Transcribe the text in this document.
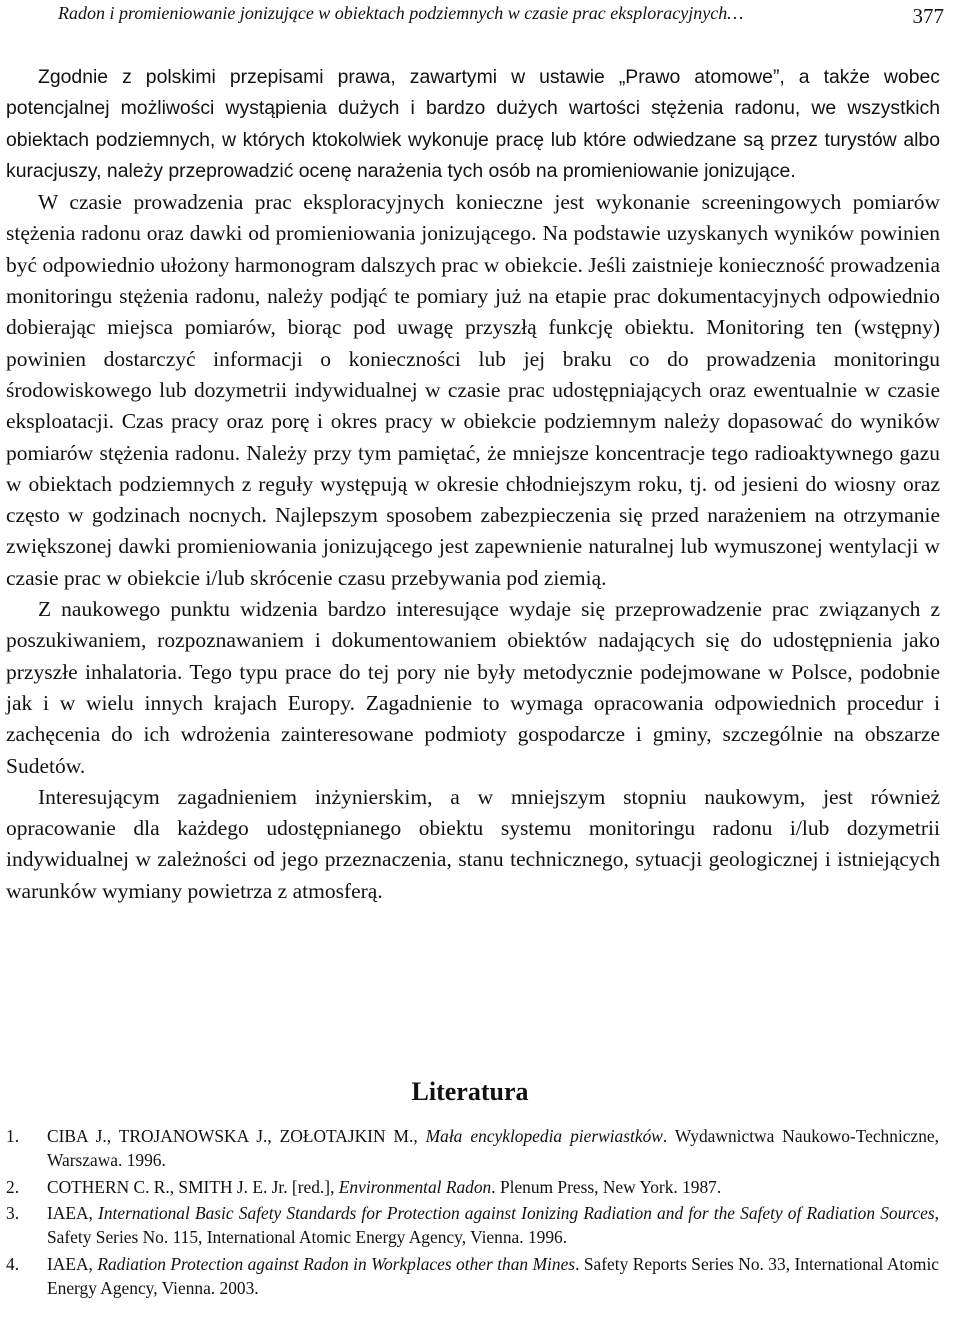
Radon i promieniowanie jonizujące w obiektach podziemnych w czasie prac eksploracyjnych…	377

Zgodnie z polskimi przepisami prawa, zawartymi w ustawie „Prawo atomowe”, a także wobec potencjalnej możliwości wystąpienia dużych i bardzo dużych wartości stężenia radonu, we wszystkich obiektach podziemnych, w których ktokolwiek wykonuje pracę lub które odwiedzane są przez turystów albo kuracjuszy, należy przeprowadzić ocenę narażenia tych osób na promieniowanie jonizujące.

W czasie prowadzenia prac eksploracyjnych konieczne jest wykonanie screeningowych pomiarów stężenia radonu oraz dawki od promieniowania jonizującego. Na podstawie uzyskanych wyników powinien być odpowiednio ułożony harmonogram dalszych prac w obiekcie. Jeśli zaistnieje konieczność prowadzenia monitoringu stężenia radonu, należy podjąć te pomiary już na etapie prac dokumentacyjnych odpowiednio dobierając miejsca pomiarów, biorąc pod uwagę przyszłą funkcję obiektu. Monitoring ten (wstępny) powinien dostarczyć informacji o konieczności lub jej braku co do prowadzenia monitoringu środowiskowego lub dozymetrii indywidualnej w czasie prac udostępniających oraz ewentualnie w czasie eksploatacji. Czas pracy oraz porę i okres pracy w obiekcie podziemnym należy dopasować do wyników pomiarów stężenia radonu. Należy przy tym pamiętać, że mniejsze koncentracje tego radioaktywnego gazu w obiektach podziemnych z reguły występują w okresie chłodniejszym roku, tj. od jesieni do wiosny oraz często w godzinach nocnych. Najlepszym sposobem zabezpieczenia się przed narażeniem na otrzymanie zwiększonej dawki promieniowania jonizującego jest zapewnienie naturalnej lub wymuszonej wentylacji w czasie prac w obiekcie i/lub skrócenie czasu przebywania pod ziemią.

Z naukowego punktu widzenia bardzo interesujące wydaje się przeprowadzenie prac związanych z poszukiwaniem, rozpoznawaniem i dokumentowaniem obiektów nadających się do udostępnienia jako przyszłe inhalatoria. Tego typu prace do tej pory nie były metodycznie podejmowane w Polsce, podobnie jak i w wielu innych krajach Europy. Zagadnienie to wymaga opracowania odpowiednich procedur i zachęcenia do ich wdrożenia zainteresowane podmioty gospodarcze i gminy, szczególnie na obszarze Sudetów.

Interesującym zagadnieniem inżynierskim, a w mniejszym stopniu naukowym, jest również opracowanie dla każdego udostępnianego obiektu systemu monitoringu radonu i/lub dozymetrii indywidualnej w zależności od jego przeznaczenia, stanu technicznego, sytuacji geologicznej i istniejących warunków wymiany powietrza z atmosferą.

Literatura
1. CIBA J., TROJANOWSKA J., ZOŁOTAJKIN M., Mała encyklopedia pierwiastków. Wydawnictwa Naukowo-Techniczne, Warszawa. 1996.
2. COTHERN C. R., SMITH J. E. Jr. [red.], Environmental Radon. Plenum Press, New York. 1987.
3. IAEA, International Basic Safety Standards for Protection against Ionizing Radiation and for the Safety of Radiation Sources, Safety Series No. 115, International Atomic Energy Agency, Vienna. 1996.
4. IAEA, Radiation Protection against Radon in Workplaces other than Mines. Safety Reports Series No. 33, International Atomic Energy Agency, Vienna. 2003.
